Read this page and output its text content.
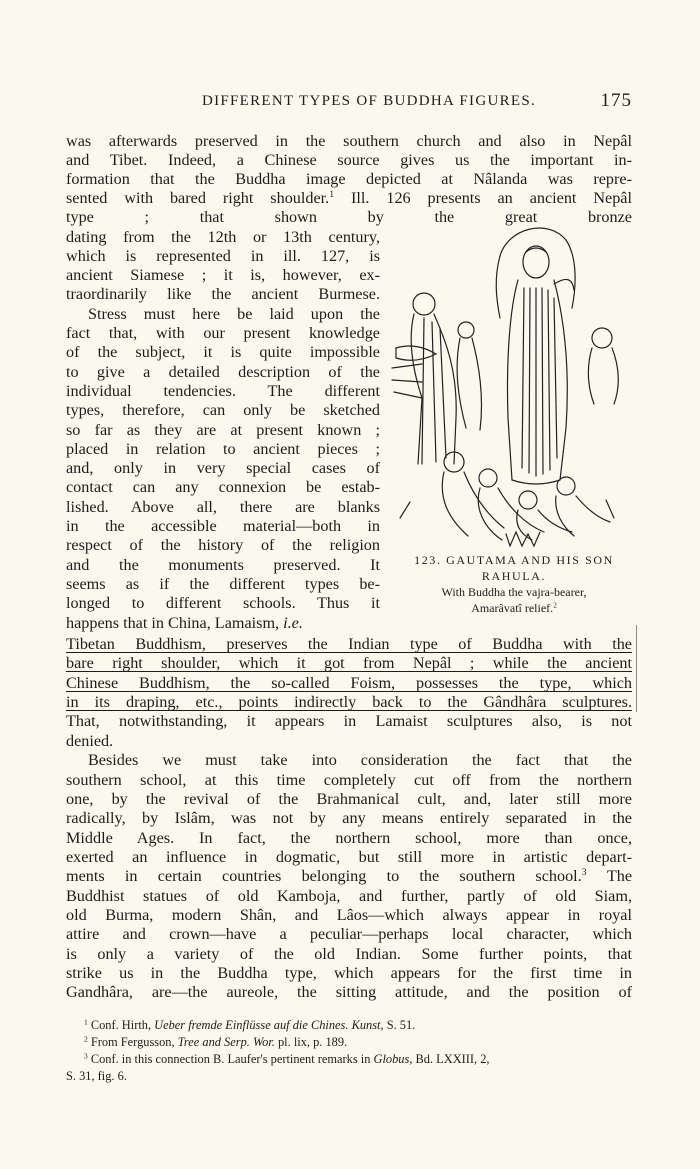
DIFFERENT TYPES OF BUDDHA FIGURES.	175
was afterwards preserved in the southern church and also in Nepâl
and Tibet. Indeed, a Chinese source gives us the important in-
formation that the Buddha image depicted at Nâlanda was repre-
sented with bared right shoulder.$^1$ Ill. 126 presents an ancient Nepâl
type ; that shown by the great bronze
dating from the 12th or 13th century,
which is represented in ill. 127, is
ancient Siamese ; it is, however, ex-
traordinarily like the ancient Burmese.
Stress must here be laid upon the
fact that, with our present knowledge
of the subject, it is quite impossible
to give a detailed description of the
individual tendencies. The different
types, therefore, can only be sketched
so far as they are at present known ;
placed in relation to ancient pieces ;
and, only in very special cases of
contact can any connexion be estab-
lished. Above all, there are blanks
in the accessible material—both in
respect of the history of the religion
and the monuments preserved. It
seems as if the different types be-
longed to different schools. Thus it
happens that in China, Lamaism, i.e.
123. GAUTAMA AND HIS SON
RAHULA.
With Buddha the vajra-bearer,
Amarâvatî relief.$^2$
Tibetan Buddhism, preserves the Indian type of Buddha with the
bare right shoulder, which it got from Nepâl ; while the ancient
Chinese Buddhism, the so-called Foism, possesses the type, which
in its draping, etc., points indirectly back to the Gândhâra sculptures.
That, notwithstanding, it appears in Lamaist sculptures also, is not
denied.
Besides we must take into consideration the fact that the
southern school, at this time completely cut off from the northern
one, by the revival of the Brahmanical cult, and, later still more
radically, by Islâm, was not by any means entirely separated in the
Middle Ages. In fact, the northern school, more than once,
exerted an influence in dogmatic, but still more in artistic depart-
ments in certain countries belonging to the southern school.$^3$ The
Buddhist statues of old Kamboja, and further, partly of old Siam,
old Burma, modern Shân, and Lâos—which always appear in royal
attire and crown—have a peculiar—perhaps local character, which
is only a variety of the old Indian. Some further points, that
strike us in the Buddha type, which appears for the first time in
Gandhâra, are—the aureole, the sitting attitude, and the position of
$^1$ Conf. Hirth, Ueber fremde Einflüsse auf die Chines. Kunst, S. 51.
$^2$ From Fergusson, Tree and Serp. Wor. pl. lix, p. 189.
$^3$ Conf. in this connection B. Laufer's pertinent remarks in Globus, Bd. LXXIII, 2,
S. 31, fig. 6.
